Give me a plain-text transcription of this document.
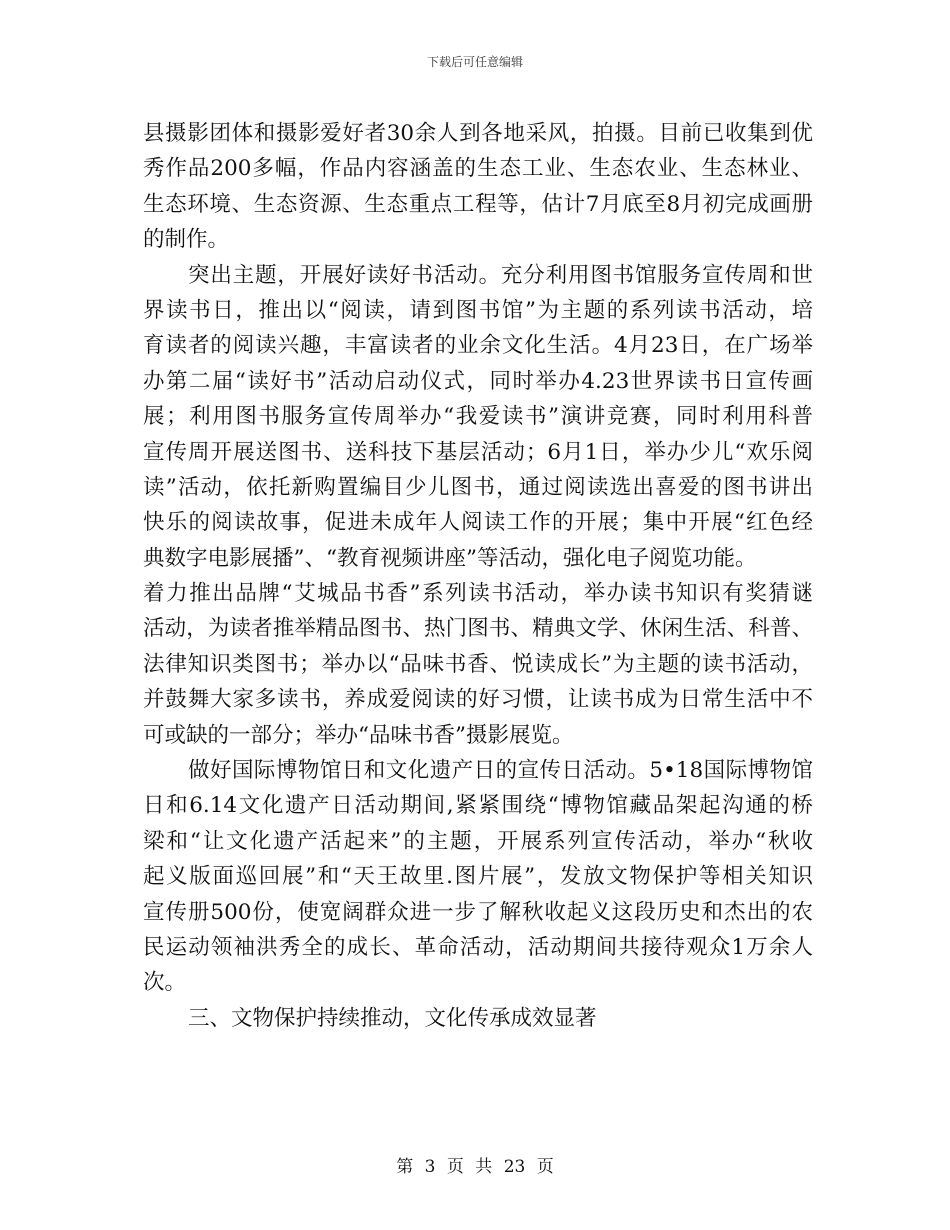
下载后可任意编辑
县摄影团体和摄影爱好者30余人到各地采风，拍摄。目前已收集到优
秀作品200多幅，作品内容涵盖的生态工业、生态农业、生态林业、
生态环境、生态资源、生态重点工程等，估计7月底至8月初完成画册
的制作。
突出主题，开展好读好书活动。充分利用图书馆服务宣传周和世
界读书日，推出以“阅读，请到图书馆”为主题的系列读书活动，培
育读者的阅读兴趣，丰富读者的业余文化生活。4月23日，在广场举
办第二届“读好书”活动启动仪式，同时举办4.23世界读书日宣传画
展；利用图书服务宣传周举办“我爱读书”演讲竞赛，同时利用科普
宣传周开展送图书、送科技下基层活动；6月1日，举办少儿“欢乐阅
读”活动，依托新购置编目少儿图书，通过阅读选出喜爱的图书讲出
快乐的阅读故事，促进未成年人阅读工作的开展；集中开展“红色经
典数字电影展播”、“教育视频讲座”等活动，强化电子阅览功能。
着力推出品牌“艾城品书香”系列读书活动，举办读书知识有奖猜谜
活动，为读者推举精品图书、热门图书、精典文学、休闲生活、科普、
法律知识类图书；举办以“品味书香、悦读成长”为主题的读书活动，
并鼓舞大家多读书，养成爱阅读的好习惯，让读书成为日常生活中不
可或缺的一部分；举办“品味书香”摄影展览。
做好国际博物馆日和文化遗产日的宣传日活动。5•18国际博物馆
日和6.14文化遗产日活动期间,紧紧围绕“博物馆藏品架起沟通的桥
梁和“让文化遗产活起来”的主题，开展系列宣传活动，举办“秋收
起义版面巡回展”和“天王故里.图片展”，发放文物保护等相关知识
宣传册500份，使宽阔群众进一步了解秋收起义这段历史和杰出的农
民运动领袖洪秀全的成长、革命活动，活动期间共接待观众1万余人
次。
三、文物保护持续推动，文化传承成效显著
第 3 页 共 23 页
